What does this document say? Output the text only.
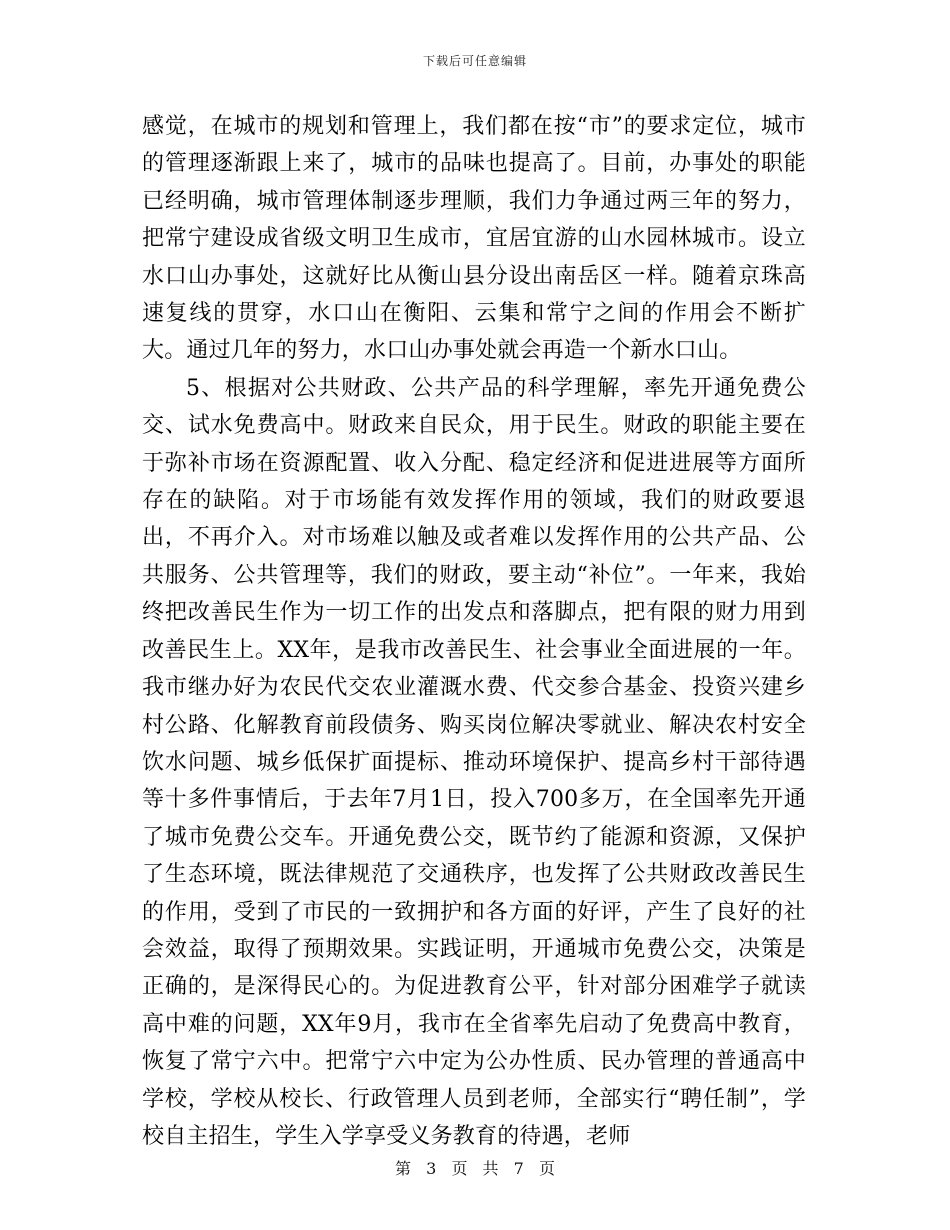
下载后可任意编辑

感觉，在城市的规划和管理上，我们都在按“市”的要求定位，城市的管理逐渐跟上来了，城市的品味也提高了。目前，办事处的职能已经明确，城市管理体制逐步理顺，我们力争通过两三年的努力，把常宁建设成省级文明卫生成市，宜居宜游的山水园林城市。设立水口山办事处，这就好比从衡山县分设出南岳区一样。随着京珠高速复线的贯穿，水口山在衡阳、云集和常宁之间的作用会不断扩大。通过几年的努力，水口山办事处就会再造一个新水口山。

5、根据对公共财政、公共产品的科学理解，率先开通免费公交、试水免费高中。财政来自民众，用于民生。财政的职能主要在于弥补市场在资源配置、收入分配、稳定经济和促进进展等方面所存在的缺陷。对于市场能有效发挥作用的领域，我们的财政要退出，不再介入。对市场难以触及或者难以发挥作用的公共产品、公共服务、公共管理等，我们的财政，要主动“补位”。一年来，我始终把改善民生作为一切工作的出发点和落脚点，把有限的财力用到改善民生上。XX年，是我市改善民生、社会事业全面进展的一年。我市继办好为农民代交农业灌溉水费、代交参合基金、投资兴建乡村公路、化解教育前段债务、购买岗位解决零就业、解决农村安全饮水问题、城乡低保扩面提标、推动环境保护、提高乡村干部待遇等十多件事情后，于去年7月1日，投入700多万，在全国率先开通了城市免费公交车。开通免费公交，既节约了能源和资源，又保护了生态环境，既法律规范了交通秩序，也发挥了公共财政改善民生的作用，受到了市民的一致拥护和各方面的好评，产生了良好的社会效益，取得了预期效果。实践证明，开通城市免费公交，决策是正确的，是深得民心的。为促进教育公平，针对部分困难学子就读高中难的问题，XX年9月，我市在全省率先启动了免费高中教育，恢复了常宁六中。把常宁六中定为公办性质、民办管理的普通高中学校，学校从校长、行政管理人员到老师，全部实行“聘任制”，学校自主招生，学生入学享受义务教育的待遇，老师

第 3 页 共 7 页
